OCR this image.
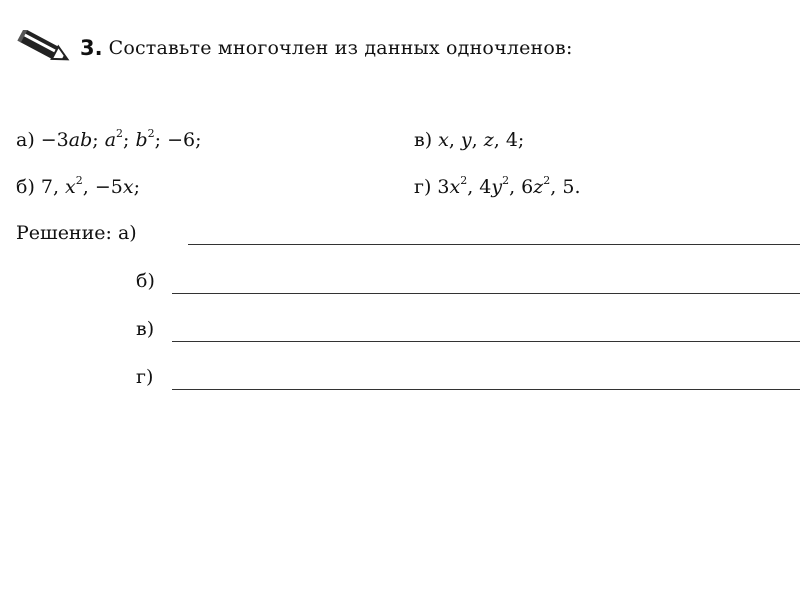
3. Составьте многочлен из данных одночленов:
а) −3ab; $a^2$; $b^2$; −6;
б) 7, $x^2$, −5x;
в) x, y, z, 4;
г) $3x^2$, $4y^2$, $6z^2$, 5.
Решение: а)
б)
в)
г)
